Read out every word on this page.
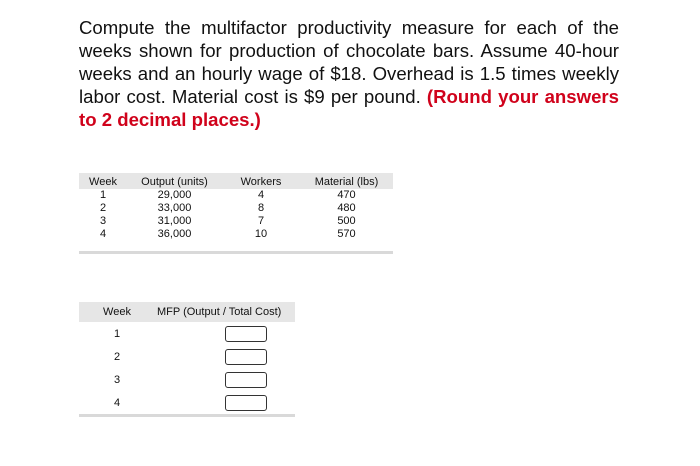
Compute the multifactor productivity measure for each of the weeks shown for production of chocolate bars. Assume 40-hour weeks and an hourly wage of $18. Overhead is 1.5 times weekly labor cost. Material cost is $9 per pound. (Round your answers to 2 decimal places.)

Week	Output (units)	Workers	Material (lbs)
1	29,000	4	470
2	33,000	8	480
3	31,000	7	500
4	36,000	10	570
Week	MFP (Output / Total Cost)
1	
2	
3	
4	
